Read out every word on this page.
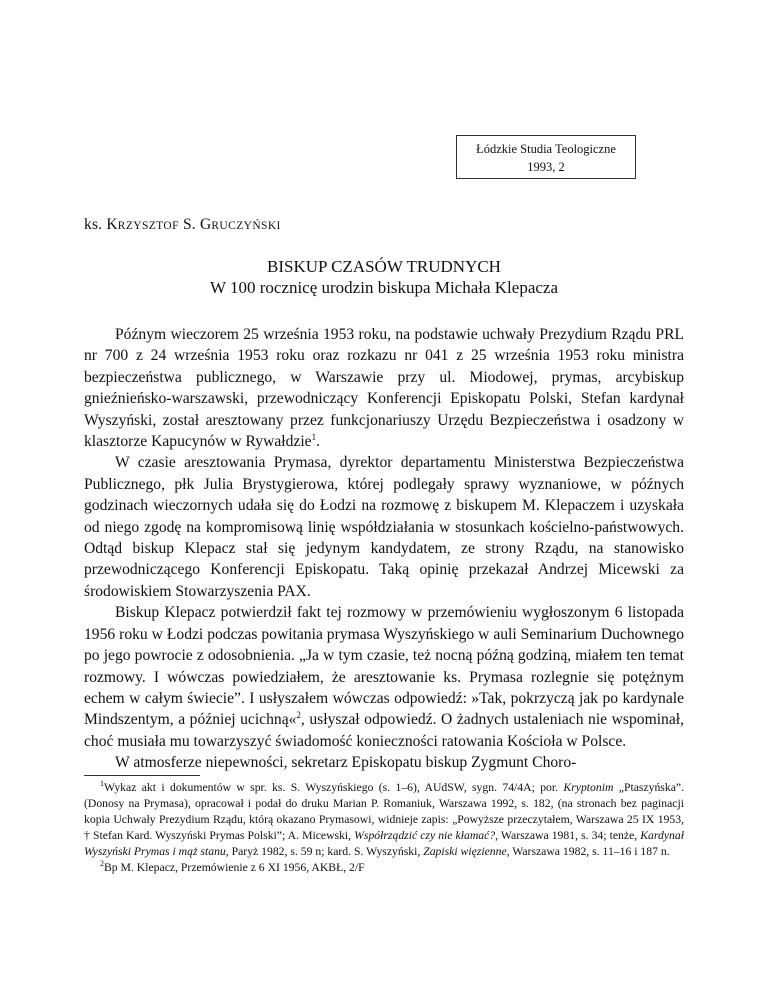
Łódzkie Studia Teologiczne
1993, 2
ks. KRZYSZTOF S. GRUCZYŃSKI
BISKUP CZASÓW TRUDNYCH
W 100 rocznicę urodzin biskupa Michała Klepacza

Późnym wieczorem 25 września 1953 roku, na podstawie uchwały Prezydium Rządu PRL nr 700 z 24 września 1953 roku oraz rozkazu nr 041 z 25 września 1953 roku ministra bezpieczeństwa publicznego, w Warszawie przy ul. Miodowej, prymas, arcybiskup gnieźnieńsko-warszawski, przewodniczący Konferencji Episkopatu Polski, Stefan kardynał Wyszyński, został aresztowany przez funkcjonariuszy Urzędu Bezpieczeństwa i osadzony w klasztorze Kapucynów w Rywałdzie$^1$.

W czasie aresztowania Prymasa, dyrektor departamentu Ministerstwa Bezpieczeństwa Publicznego, płk Julia Brystygierowa, której podlegały sprawy wyznaniowe, w późnych godzinach wieczornych udała się do Łodzi na rozmowę z biskupem M. Klepaczem i uzyskała od niego zgodę na kompromisową linię współdziałania w stosunkach kościelno-państwowych. Odtąd biskup Klepacz stał się jedynym kandydatem, ze strony Rządu, na stanowisko przewodniczącego Konferencji Episkopatu. Taką opinię przekazał Andrzej Micewski za środowiskiem Stowarzyszenia PAX.

Biskup Klepacz potwierdził fakt tej rozmowy w przemówieniu wygłoszonym 6 listopada 1956 roku w Łodzi podczas powitania prymasa Wyszyńskiego w auli Seminarium Duchownego po jego powrocie z odosobnienia. „Ja w tym czasie, też nocną późną godziną, miałem ten temat rozmowy. I wówczas powiedziałem, że aresztowanie ks. Prymasa rozlegnie się potężnym echem w całym świecie”. I usłyszałem wówczas odpowiedź: »Tak, pokrzyczą jak po kardynale Mindszentym, a później ucichną«$^2$, usłyszał odpowiedź. O żadnych ustaleniach nie wspominał, choć musiała mu towarzyszyć świadomość konieczności ratowania Kościoła w Polsce.

W atmosferze niepewności, sekretarz Episkopatu biskup Zygmunt Choro-

$^1$Wykaz akt i dokumentów w spr. ks. S. Wyszyńskiego (s. 1–6), AUdSW, sygn. 74/4A; por. Kryptonim „Ptaszyńska”. (Donosy na Prymasa), opracował i podał do druku Marian P. Romaniuk, Warszawa 1992, s. 182, (na stronach bez paginacji kopia Uchwały Prezydium Rządu, którą okazano Prymasowi, widnieje zapis: „Powyższe przeczytałem, Warszawa 25 IX 1953, † Stefan Kard. Wyszyński Prymas Polski”; A. Micewski, Współrządzić czy nie kłamać?, Warszawa 1981, s. 34; tenże, Kardynał Wyszyński Prymas i mąż stanu, Paryż 1982, s. 59 n; kard. S. Wyszyński, Zapiski więzienne, Warszawa 1982, s. 11–16 i 187 n.

$^2$Bp M. Klepacz, Przemówienie z 6 XI 1956, AKBŁ, 2/F
